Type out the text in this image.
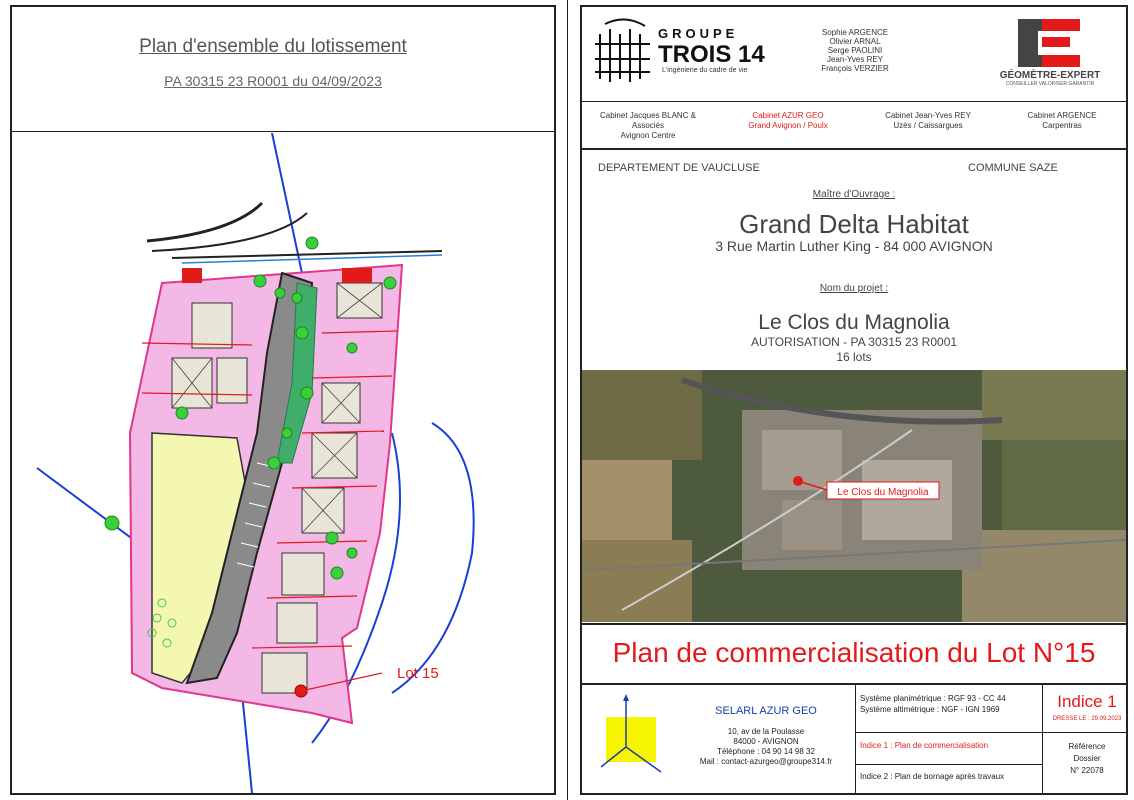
Plan d'ensemble du lotissement
PA 30315 23 R0001 du 04/09/2023
Lot 15
GROUPE
TROIS 14
L'ingénierie du cadre de vie
Sophie ARGENCE
Olivier ARNAL
Serge PAOLINI
Jean-Yves REY
François VERZIER
GÉOMÈTRE-EXPERT
CONSEILLER VALORISER GARANTIR
Cabinet Jacques BLANC & Associés
Avignon Centre
Cabinet AZUR GEO
Grand Avignon / Poulx
Cabinet Jean-Yves REY
Uzès / Caissargues
Cabinet ARGENCE
Carpentras
DEPARTEMENT DE VAUCLUSE	COMMUNE SAZE
Maître d'Ouvrage :
Grand Delta Habitat
3 Rue Martin Luther King - 84 000 AVIGNON
Nom du projet :
Le Clos du Magnolia
AUTORISATION - PA 30315 23 R0001
16 lots
Le Clos du Magnolia
Plan de commercialisation du Lot N°15
SELARL AZUR GEO
10, av de la Poulasse
84000 - AVIGNON
Téléphone : 04 90 14 98 32
Mail : contact-azurgeo@groupe314.fr
Système planimétrique : RGF 93 - CC 44
Système altimétrique : NGF - IGN 1969	Indice 1
DRESSE LE : 29.09.2023
Indice 1 : Plan de commercialisation
Indice 2 : Plan de bornage après travaux
Référence
Dossier
N° 22078
